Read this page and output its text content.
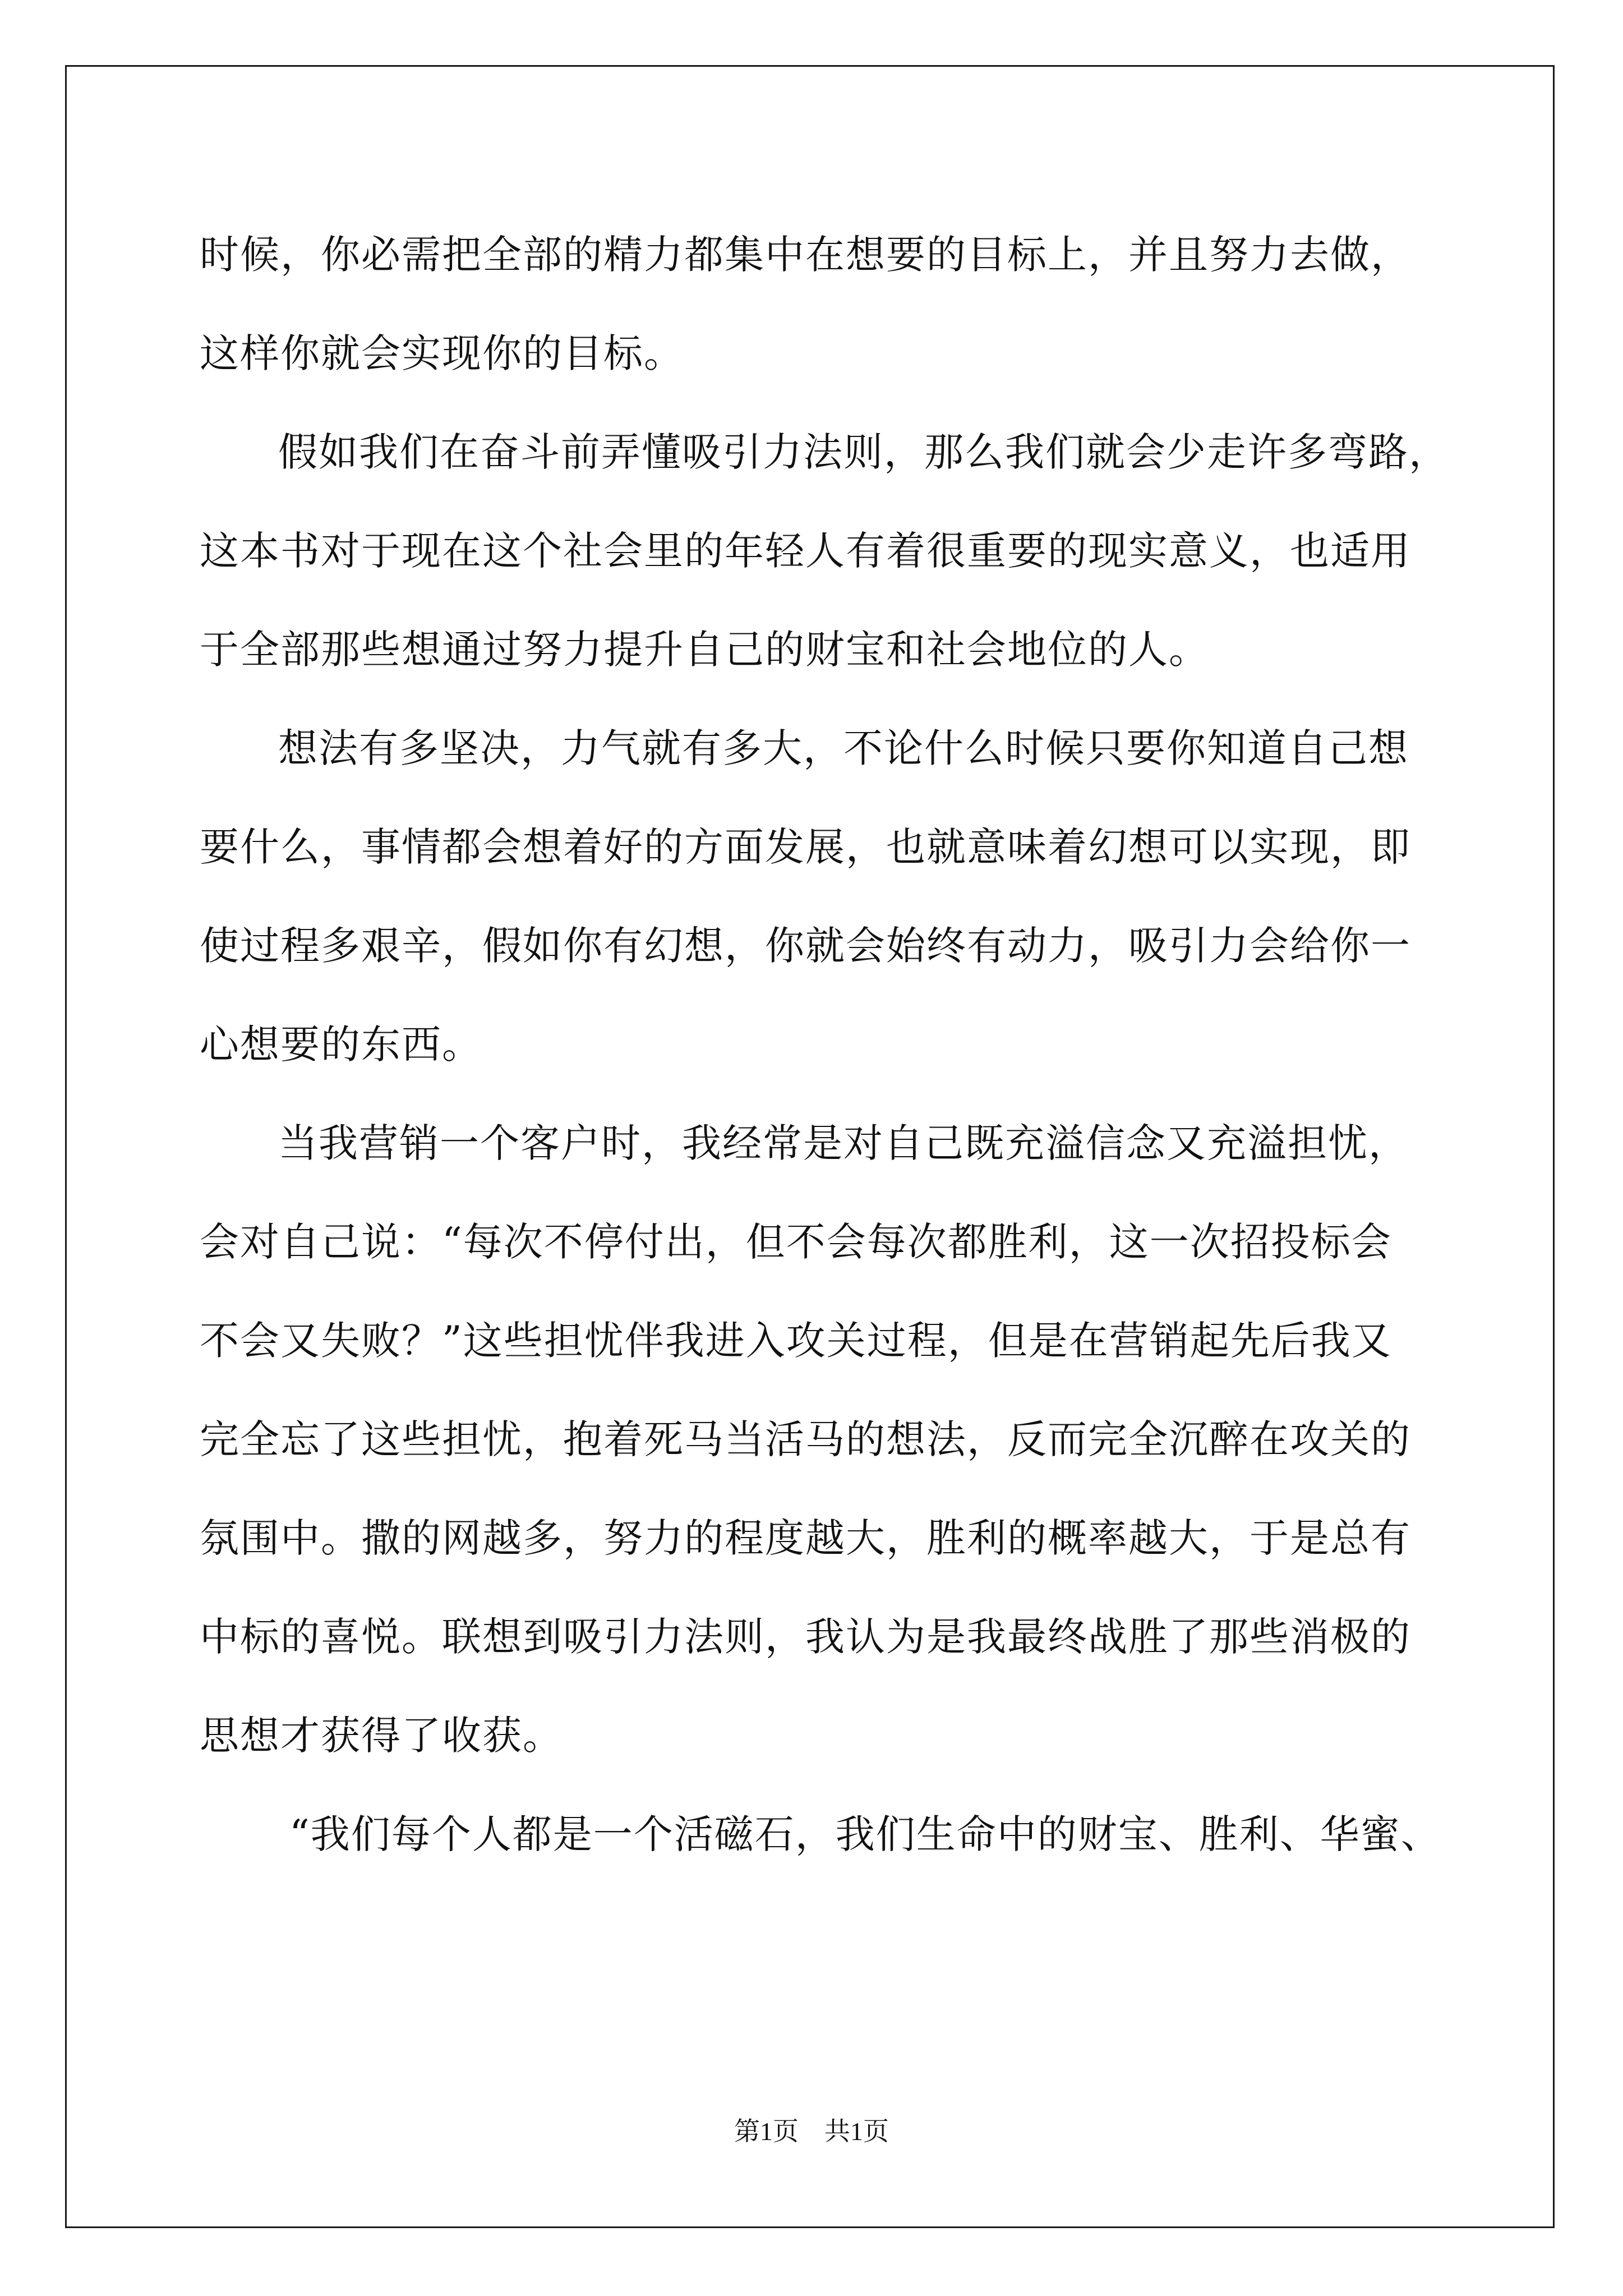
时候，你必需把全部的精力都集中在想要的目标上，并且努力去做，
这样你就会实现你的目标。
假如我们在奋斗前弄懂吸引力法则，那么我们就会少走许多弯路，
这本书对于现在这个社会里的年轻人有着很重要的现实意义，也适用
于全部那些想通过努力提升自己的财宝和社会地位的人。
想法有多坚决，力气就有多大，不论什么时候只要你知道自己想
要什么，事情都会想着好的方面发展，也就意味着幻想可以实现，即
使过程多艰辛，假如你有幻想，你就会始终有动力，吸引力会给你一
心想要的东西。
当我营销一个客户时，我经常是对自己既充溢信念又充溢担忧，
会对自己说：“每次不停付出，但不会每次都胜利，这一次招投标会
不会又失败？”这些担忧伴我进入攻关过程，但是在营销起先后我又
完全忘了这些担忧，抱着死马当活马的想法，反而完全沉醉在攻关的
氛围中。撒的网越多，努力的程度越大，胜利的概率越大，于是总有
中标的喜悦。联想到吸引力法则，我认为是我最终战胜了那些消极的
思想才获得了收获。
“我们每个人都是一个活磁石，我们生命中的财宝、胜利、华蜜、
第1页　共1页
